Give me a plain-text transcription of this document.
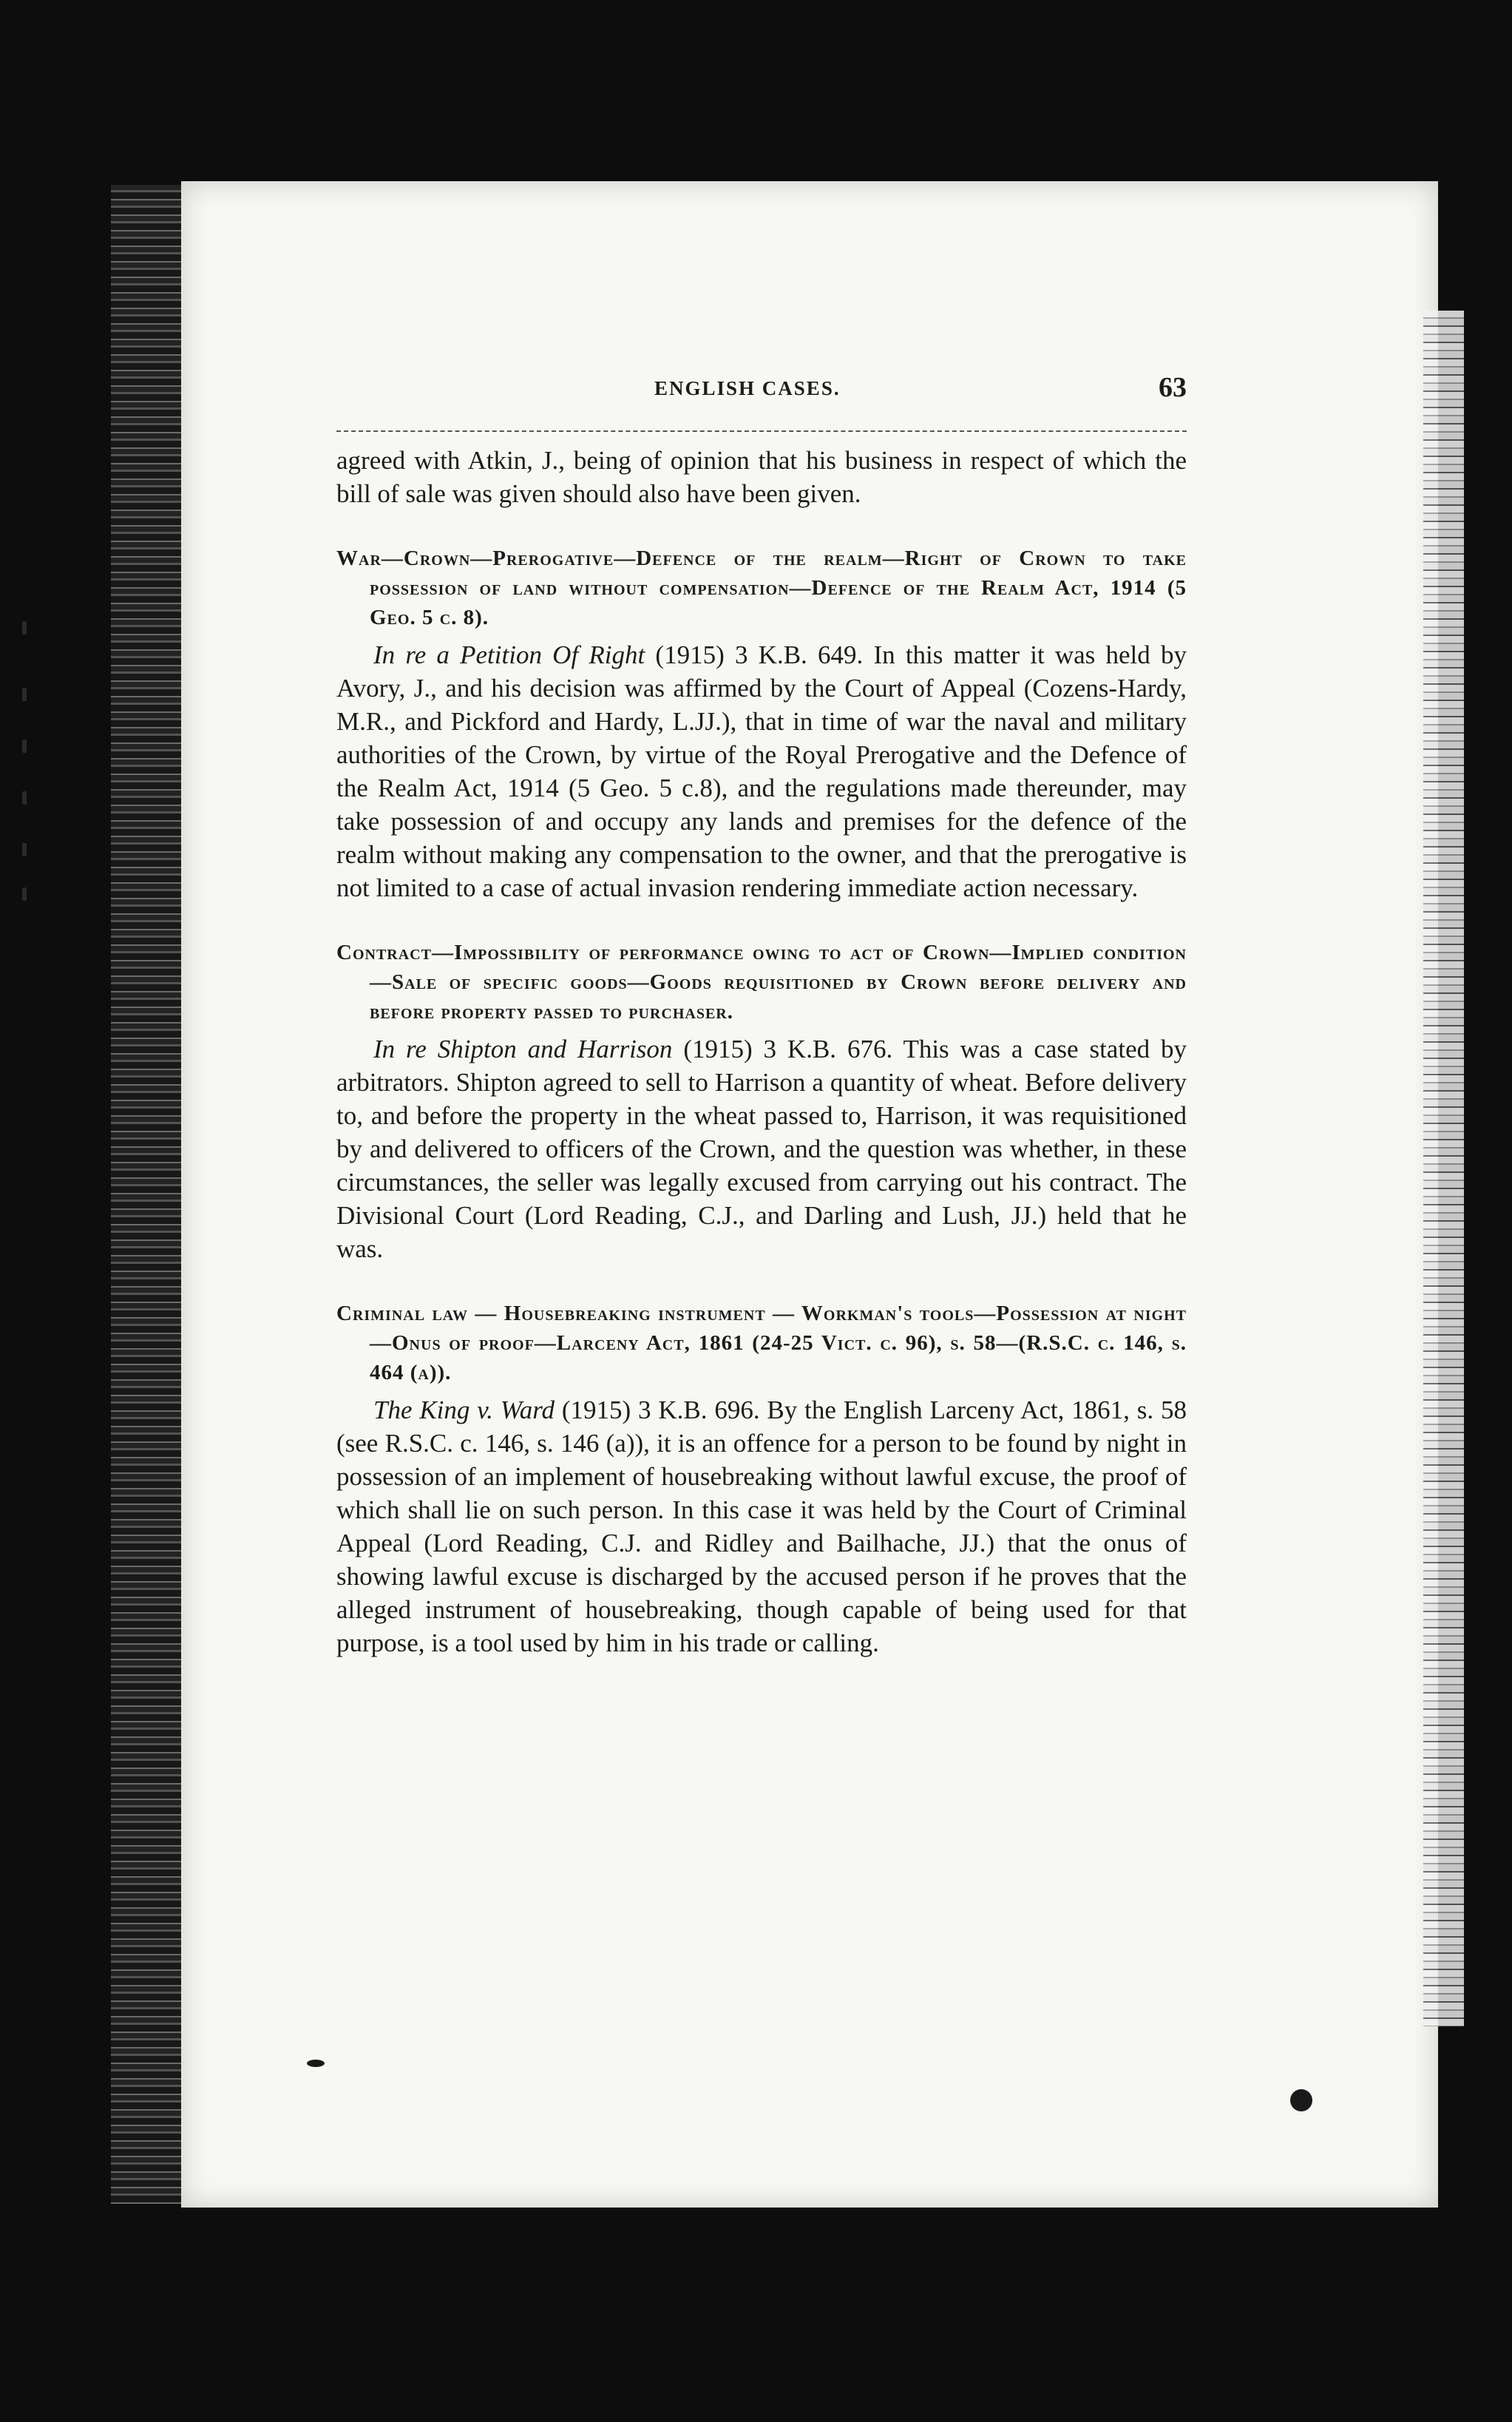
ENGLISH CASES.	63

agreed with Atkin, J., being of opinion that his business in respect of which the bill of sale was given should also have been given.

War—Crown—Prerogative—Defence of the realm—Right of Crown to take possession of land without compensation—Defence of the Realm Act, 1914 (5 Geo. 5 c. 8).

In re a Petition Of Right (1915) 3 K.B. 649. In this matter it was held by Avory, J., and his decision was affirmed by the Court of Appeal (Cozens-Hardy, M.R., and Pickford and Hardy, L.JJ.), that in time of war the naval and military authorities of the Crown, by virtue of the Royal Prerogative and the Defence of the Realm Act, 1914 (5 Geo. 5 c.8), and the regulations made thereunder, may take possession of and occupy any lands and premises for the defence of the realm without making any compensation to the owner, and that the prerogative is not limited to a case of actual invasion rendering immediate action necessary.

Contract—Impossibility of performance owing to act of Crown—Implied condition—Sale of specific goods—Goods requisitioned by Crown before delivery and before property passed to purchaser.

In re Shipton and Harrison (1915) 3 K.B. 676. This was a case stated by arbitrators. Shipton agreed to sell to Harrison a quantity of wheat. Before delivery to, and before the property in the wheat passed to, Harrison, it was requisitioned by and delivered to officers of the Crown, and the question was whether, in these circumstances, the seller was legally excused from carrying out his contract. The Divisional Court (Lord Reading, C.J., and Darling and Lush, JJ.) held that he was.

Criminal law — Housebreaking instrument — Workman's tools—Possession at night—Onus of proof—Larceny Act, 1861 (24-25 Vict. c. 96), s. 58—(R.S.C. c. 146, s. 464 (a)).

The King v. Ward (1915) 3 K.B. 696. By the English Larceny Act, 1861, s. 58 (see R.S.C. c. 146, s. 146 (a)), it is an offence for a person to be found by night in possession of an implement of housebreaking without lawful excuse, the proof of which shall lie on such person. In this case it was held by the Court of Criminal Appeal (Lord Reading, C.J. and Ridley and Bailhache, JJ.) that the onus of showing lawful excuse is discharged by the accused person if he proves that the alleged instrument of housebreaking, though capable of being used for that purpose, is a tool used by him in his trade or calling.
